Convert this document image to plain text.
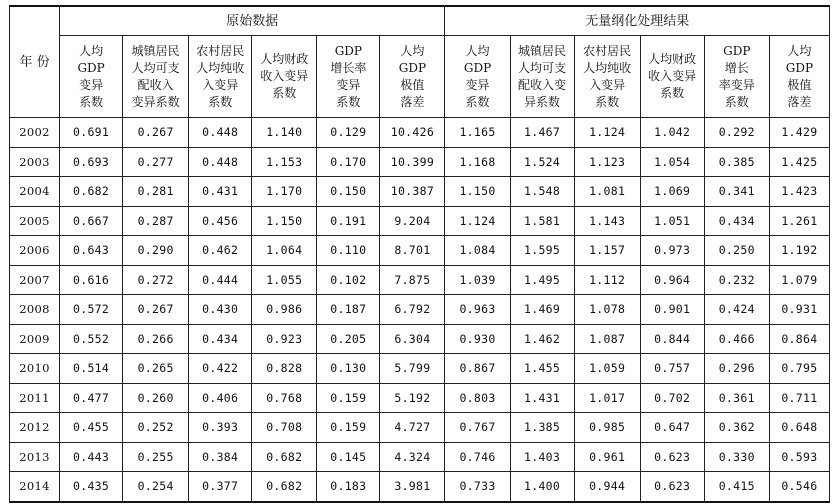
年 份	原始数据						无量纲化处理结果					

	人均
GDP
变异
系数	城镇居民
人均可支
配收入
变异系数	农村居民
人均纯收
入变异
系数	人均财政
收入变异
系数	GDP
增长率
变异
系数	人均
GDP
极值
落差	人均
GDP
变异
系数	城镇居民
人均可支
配收入变
异系数	农村居民
人均纯收
入变异
系数	人均财政
收入变异
系数	GDP
增长
率变异
系数	人均
GDP
极值
落差

2002	0.691	0.267	0.448	1.140	0.129	10.426	1.165	1.467	1.124	1.042	0.292	1.429
2003	0.693	0.277	0.448	1.153	0.170	10.399	1.168	1.524	1.123	1.054	0.385	1.425
2004	0.682	0.281	0.431	1.170	0.150	10.387	1.150	1.548	1.081	1.069	0.341	1.423
2005	0.667	0.287	0.456	1.150	0.191	9.204	1.124	1.581	1.143	1.051	0.434	1.261
2006	0.643	0.290	0.462	1.064	0.110	8.701	1.084	1.595	1.157	0.973	0.250	1.192
2007	0.616	0.272	0.444	1.055	0.102	7.875	1.039	1.495	1.112	0.964	0.232	1.079
2008	0.572	0.267	0.430	0.986	0.187	6.792	0.963	1.469	1.078	0.901	0.424	0.931
2009	0.552	0.266	0.434	0.923	0.205	6.304	0.930	1.462	1.087	0.844	0.466	0.864
2010	0.514	0.265	0.422	0.828	0.130	5.799	0.867	1.455	1.059	0.757	0.296	0.795
2011	0.477	0.260	0.406	0.768	0.159	5.192	0.803	1.431	1.017	0.702	0.361	0.711
2012	0.455	0.252	0.393	0.708	0.159	4.727	0.767	1.385	0.985	0.647	0.362	0.648
2013	0.443	0.255	0.384	0.682	0.145	4.324	0.746	1.403	0.961	0.623	0.330	0.593
2014	0.435	0.254	0.377	0.682	0.183	3.981	0.733	1.400	0.944	0.623	0.415	0.546
